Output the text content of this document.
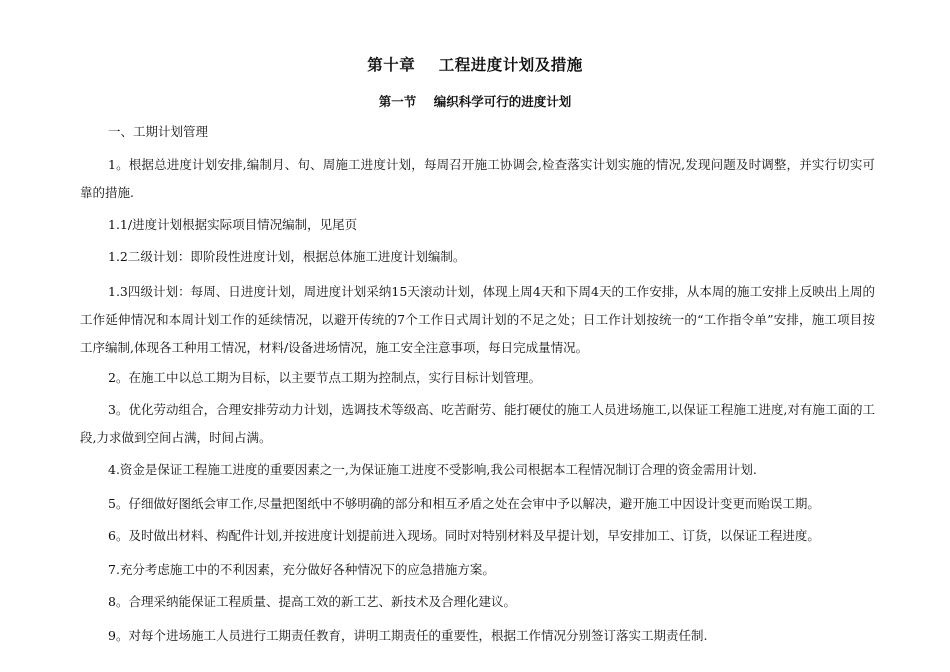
第十章    工程进度计划及措施
第一节    编织科学可行的进度计划

一、工期计划管理

1。根据总进度计划安排,编制月、旬、周施工进度计划，每周召开施工协调会,检查落实计划实施的情况,发现问题及时调整，并实行切实可靠的措施.

1.1/进度计划根据实际项目情况编制，见尾页

1.2二级计划：即阶段性进度计划，根据总体施工进度计划编制。

1.3四级计划：每周、日进度计划，周进度计划采纳15天滚动计划，体现上周4天和下周4天的工作安排，从本周的施工安排上反映出上周的工作延伸情况和本周计划工作的延续情况，以避开传统的7个工作日式周计划的不足之处；日工作计划按统一的“工作指令单”安排，施工项目按工序编制,体现各工种用工情况，材料/设备进场情况，施工安全注意事项，每日完成量情况。

2。在施工中以总工期为目标，以主要节点工期为控制点，实行目标计划管理。

3。优化劳动组合，合理安排劳动力计划，选调技术等级高、吃苦耐劳、能打硬仗的施工人员进场施工,以保证工程施工进度,对有施工面的工段,力求做到空间占满，时间占满。

4.资金是保证工程施工进度的重要因素之一,为保证施工进度不受影响,我公司根据本工程情况制订合理的资金需用计划.

5。仔细做好图纸会审工作,尽量把图纸中不够明确的部分和相互矛盾之处在会审中予以解决，避开施工中因设计变更而贻误工期。

6。及时做出材料、构配件计划,并按进度计划提前进入现场。同时对特别材料及早提计划，早安排加工、订货，以保证工程进度。

7.充分考虑施工中的不利因素，充分做好各种情况下的应急措施方案。

8。合理采纳能保证工程质量、提高工效的新工艺、新技术及合理化建议。

9。对每个进场施工人员进行工期责任教育，讲明工期责任的重要性，根据工作情况分别签订落实工期责任制.
